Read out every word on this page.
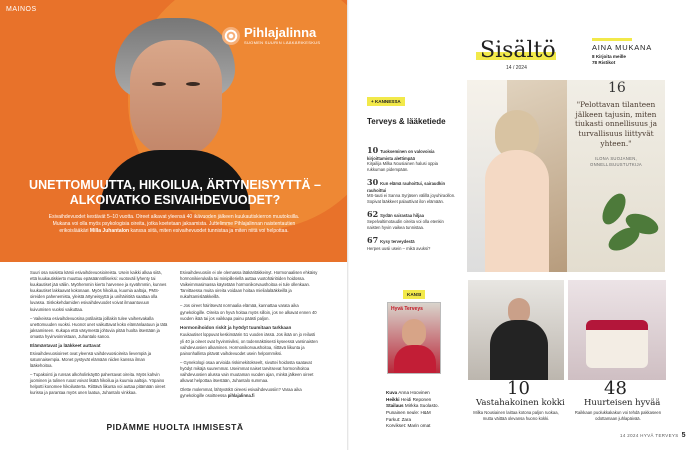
MAINOS
Pihlajalinna
SUOMEN SUURIN LÄÄKÄRIKESKUS
UNETTOMUUTTA, HIKOILUA, ÄRTYNEISYYTTÄ – ALKOIVATKO ESIVAIHDEVUODET?
Esivaihdevuodet kestävät 5–10 vuotta. Oireet alkavat yleensä 40 ikävuoden jälkeen kuukautiskierron muutoksilla. Mukana voi olla myös psykologisia oireita, jotka koetetaan jaksamista. Juttelimme Pihlajalinnan naistentautien erikoislääkäri Milla Juhantalon kanssa siitä, miten esivaihevuodet tunnistaa ja miten niitä voi helpottaa.

Suuri osa naisista kärsii esivaihdevuosioireista. Usein kaikki alkaa siitä, että kuukautiskierto muuttuu epäsäännölliseksi: vuotoväli lyhenty tai kuukautiset jää väliin. Myöhemmin kierto harvenee ja syvähmmin, kunnes kuukautiset lakkaavat kokonaan. Myös hikoilua, kuumia aaltoja, PMS-oireiden pahenemista, yleistä ärtyneisyyttä ja unihäiriöitä saattaa olla luvassa. Siskokehdamiden esivaihdevuodet voivat ilmaantuvuun kuivumisen vuoksi vaikuttaa.

– Vaikeissa esivaihdevuosina potilaista joillakin tulee vaihesvakalla unettomuuden vuoksi. Huonot unet vaikuttavat koko elämänlaatuun ja tätä jaksamiseen. Kukapa että väsymestä johtuvia pitää huolta itsestään ja omasta hyvinvoinnistaan, Juhantalo sanoo.

Elämäntavat ja lääkkeet auttavat

Esivaihdevuosioireet ovat yleensä vaihdevuosioireita lievempiä ja satunnaisempia. Monet pystyvät elämään niiden kanssa ilman lääkehoitoa.

– Tupakointi ja runsas alkoholinkäyttö pahentavat oireita. Myös kahvin juominen ja tulinen ruoat voivat lisätä hikoilua ja kuumia aaltoja. Yöpaino helpotti konomee hikoilusterta. Riittävä liikunta voi auttaa pitämään oireet kurissa ja parantaa myös unen laatua, Juhantalo vinkkaa.

Esivaihdevuosiin ei ole olemassa lääkäritäkkeinyt. Hormonaalisen ehkäisy hormonikierukalla tai minipilleriellä auttaa vuotohäiriöiden hoidossa. Vaikeimmasimassa käytetään hormonikorvaushoitoa ei tule ollenkaan. Tarvittaessa muita oireita voidaan hoitaa mielialalääkkeillä ja nukahtamislääkkeillä.

– Jos oireet häiritsevät normaalia elämää, kannattaa varata aika gynekologille. Oireita on hyvä hoitaa myös silloin, jos ne alkavat ennen 40 vuoden ikää tai jos vaikkapa painu päästi paljon.

Hormonihoidon riskit ja hyödyt tuumitaan tarkkaan

Kuukautiset loppuvat keskimäärin 51 vuoden iässä. Jos ikää on jo reilusti yli 40 ja oireet ovat hyvinmiviksi, on todennäköisesti kyseessä varsinaisten vaihdevuosien alkaminen. Hormonikorvaushoitoa, riittävä liikunta ja painonhallinta pitävät vaihdevuodet usein helpommiksi.

– Gynekologi osaa arvioida riskimekitokseelt, sivuttei hoidosta saatavat hyödyt mikäjä suuremmat. Useimmat naiset tarvitsevat hormonihoitoa vaihdevuosien alussa vain muutaman vuoden ajan, minkä jälkeen oireet alkavat helpottaa itsestään, Juhantalo summaa.

Olette molemmat, lähtyvätkö oireesi esivaihdevuosiin? Varaa aika gynekologille osoitteessa pihlajalinna.fi

PIDÄMME HUOLTA IHMISESTÄ
Sisältö
14 / 2024
AINA MUKANA
8 Kirjoita meille
78 Ristikot
+ KANNESSA
Terveys & lääketiede
10 Tuokseminen on valovoisia kirjoittamista alettimpää
Kirjailija Milka Nousiainen halusi oppia rukkuman pidempään.
30 Kun elämä rauhoittui, sairaudkin rauhoittui
MS-tauti ei Sanna Syrjäsen välillä joyuhiraollon. Sopivat lääkkeet palauttivat ilon elämään.
62 Sydän sairastaa hiljaa
Sepelvaltimotaudin oireita voi olla etenkin naisten hyvin vaikea tunnistaa.
67 Kysy terveydestä
Herpes uusii usein – mikä avuksi?
16
"Pelottavan tilanteen jälkeen tajusin, miten tiukasti onnellisuus ja turvallisuus liittyvät yhteen."
ILONA SUOJANEN, ONNELLISUUSTUTKIJA
KANSI
Hyvä Terveys
Kuva Anna Hoovinen
Heikki Heidi Reponen
Stailaus Mirkka Suolasto.
Punainen neule: H&M
Farkut: Zara
Korvikset: Marin omat
10
Vastahakoinen kokki
Milka Nousiainen laittaa kotona paljon ruokaa, mutta väittää olevansa huono kokki.
48
Huurteisen hyvää
Raikkaan puolukkakakun voi tehdä pakkaseen odottamaan juhlapäivää.
14 2024 HYVÄ TERVEYS 5
